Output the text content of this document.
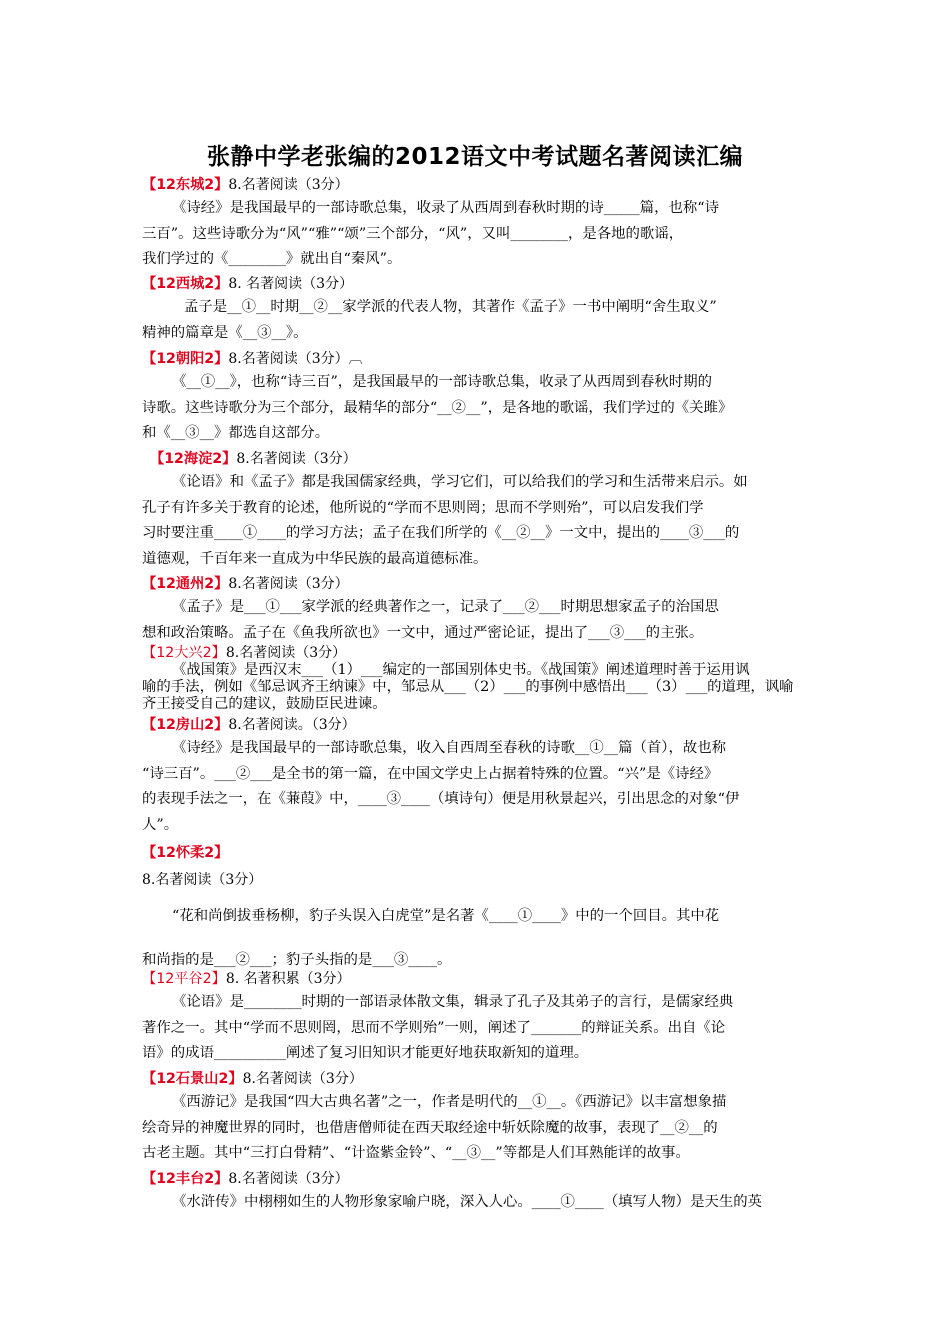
张静中学老张编的2012语文中考试题名著阅读汇编
【12东城2】8.名著阅读（3分）
《诗经》是我国最早的一部诗歌总集，收录了从西周到春秋时期的诗_____篇，也称“诗
三百”。这些诗歌分为“风”“雅”“颂”三个部分，“风”，又叫________，是各地的歌谣，
我们学过的《________》就出自“秦风”。
【12西城2】8. 名著阅读（3分）
孟子是__①__时期__②__家学派的代表人物，其著作《孟子》一书中阐明“舍生取义”
精神的篇章是《__③__》。
【12朝阳2】8.名著阅读（3分）︹
《__①__》，也称“诗三百”，是我国最早的一部诗歌总集，收录了从西周到春秋时期的
诗歌。这些诗歌分为三个部分，最精华的部分“__②__”，是各地的歌谣，我们学过的《关雎》
和《__③__》都选自这部分。
【12海淀2】8.名著阅读（3分）
《论语》和《孟子》都是我国儒家经典，学习它们，可以给我们的学习和生活带来启示。如
孔子有许多关于教育的论述，他所说的“学而不思则罔；思而不学则殆”，可以启发我们学
习时要注重____①____的学习方法；孟子在我们所学的《__②__》一文中，提出的____③___的
道德观，千百年来一直成为中华民族的最高道德标准。
【12通州2】8.名著阅读（3分）
《孟子》是___①___家学派的经典著作之一，记录了___②___时期思想家孟子的治国思
想和政治策略。孟子在《鱼我所欲也》一文中，通过严密论证，提出了___③___的主张。
【12大兴2】8.名著阅读（3分）
《战国策》是西汉末___（1）___编定的一部国别体史书。《战国策》阐述道理时善于运用讽
喻的手法，例如《邹忌讽齐王纳谏》中，邹忌从___（2）___的事例中感悟出___（3）___的道理，讽喻
齐王接受自己的建议，鼓励臣民进谏。
【12房山2】8.名著阅读。（3分）
《诗经》是我国最早的一部诗歌总集，收入自西周至春秋的诗歌__①__篇（首），故也称
“诗三百”。___②___是全书的第一篇，在中国文学史上占据着特殊的位置。“兴”是《诗经》
的表现手法之一，在《蒹葭》中，____③____（填诗句）便是用秋景起兴，引出思念的对象“伊
人”。
【12怀柔2】
8.名著阅读（3分）
“花和尚倒拔垂杨柳，豹子头误入白虎堂”是名著《____①____》中的一个回目。其中花
和尚指的是___②___；豹子头指的是___③____。
【12平谷2】8. 名著积累（3分）
《论语》是________时期的一部语录体散文集，辑录了孔子及其弟子的言行，是儒家经典
著作之一。其中“学而不思则罔，思而不学则殆”一则，阐述了_______的辩证关系。出自《论
语》的成语__________阐述了复习旧知识才能更好地获取新知的道理。
【12石景山2】8.名著阅读（3分）
《西游记》是我国“四大古典名著”之一，作者是明代的__①__。《西游记》以丰富想象描
绘奇异的神魔世界的同时，也借唐僧师徒在西天取经途中斩妖除魔的故事，表现了__②__的
古老主题。其中“三打白骨精”、“计盗紫金铃”、“__③__”等都是人们耳熟能详的故事。
【12丰台2】8.名著阅读（3分）
《水浒传》中栩栩如生的人物形象家喻户晓，深入人心。____①____（填写人物）是天生的英
